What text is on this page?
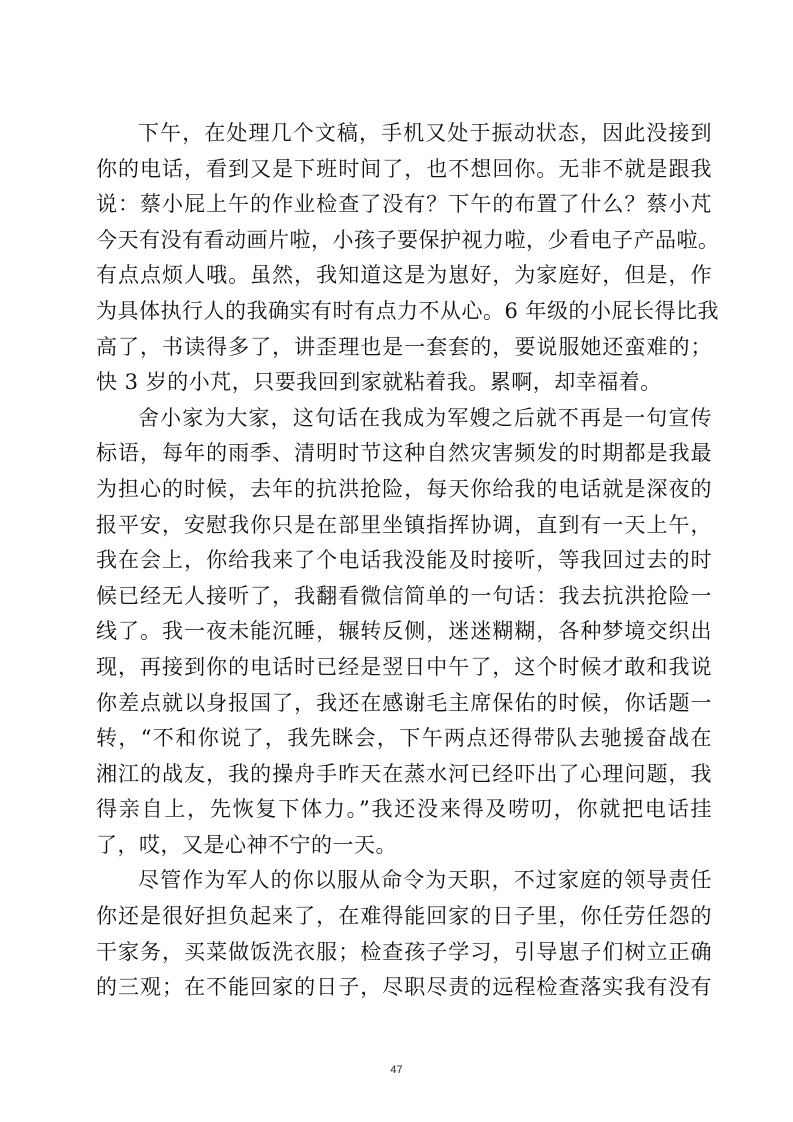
下午，在处理几个文稿，手机又处于振动状态，因此没接到
你的电话，看到又是下班时间了，也不想回你。无非不就是跟我
说：蔡小屁上午的作业检查了没有？下午的布置了什么？蔡小芃
今天有没有看动画片啦，小孩子要保护视力啦，少看电子产品啦。
有点点烦人哦。虽然，我知道这是为崽好，为家庭好，但是，作
为具体执行人的我确实有时有点力不从心。6 年级的小屁长得比我
高了，书读得多了，讲歪理也是一套套的，要说服她还蛮难的；
快 3 岁的小芃，只要我回到家就粘着我。累啊，却幸福着。
舍小家为大家，这句话在我成为军嫂之后就不再是一句宣传
标语，每年的雨季、清明时节这种自然灾害频发的时期都是我最
为担心的时候，去年的抗洪抢险，每天你给我的电话就是深夜的
报平安，安慰我你只是在部里坐镇指挥协调，直到有一天上午，
我在会上，你给我来了个电话我没能及时接听，等我回过去的时
候已经无人接听了，我翻看微信简单的一句话：我去抗洪抢险一
线了。我一夜未能沉睡，辗转反侧，迷迷糊糊，各种梦境交织出
现，再接到你的电话时已经是翌日中午了，这个时候才敢和我说
你差点就以身报国了，我还在感谢毛主席保佑的时候，你话题一
转，“不和你说了，我先眯会，下午两点还得带队去驰援奋战在
湘江的战友，我的操舟手昨天在蒸水河已经吓出了心理问题，我
得亲自上，先恢复下体力。”我还没来得及唠叨，你就把电话挂
了，哎，又是心神不宁的一天。
尽管作为军人的你以服从命令为天职，不过家庭的领导责任
你还是很好担负起来了，在难得能回家的日子里，你任劳任怨的
干家务，买菜做饭洗衣服；检查孩子学习，引导崽子们树立正确
的三观；在不能回家的日子，尽职尽责的远程检查落实我有没有
47
